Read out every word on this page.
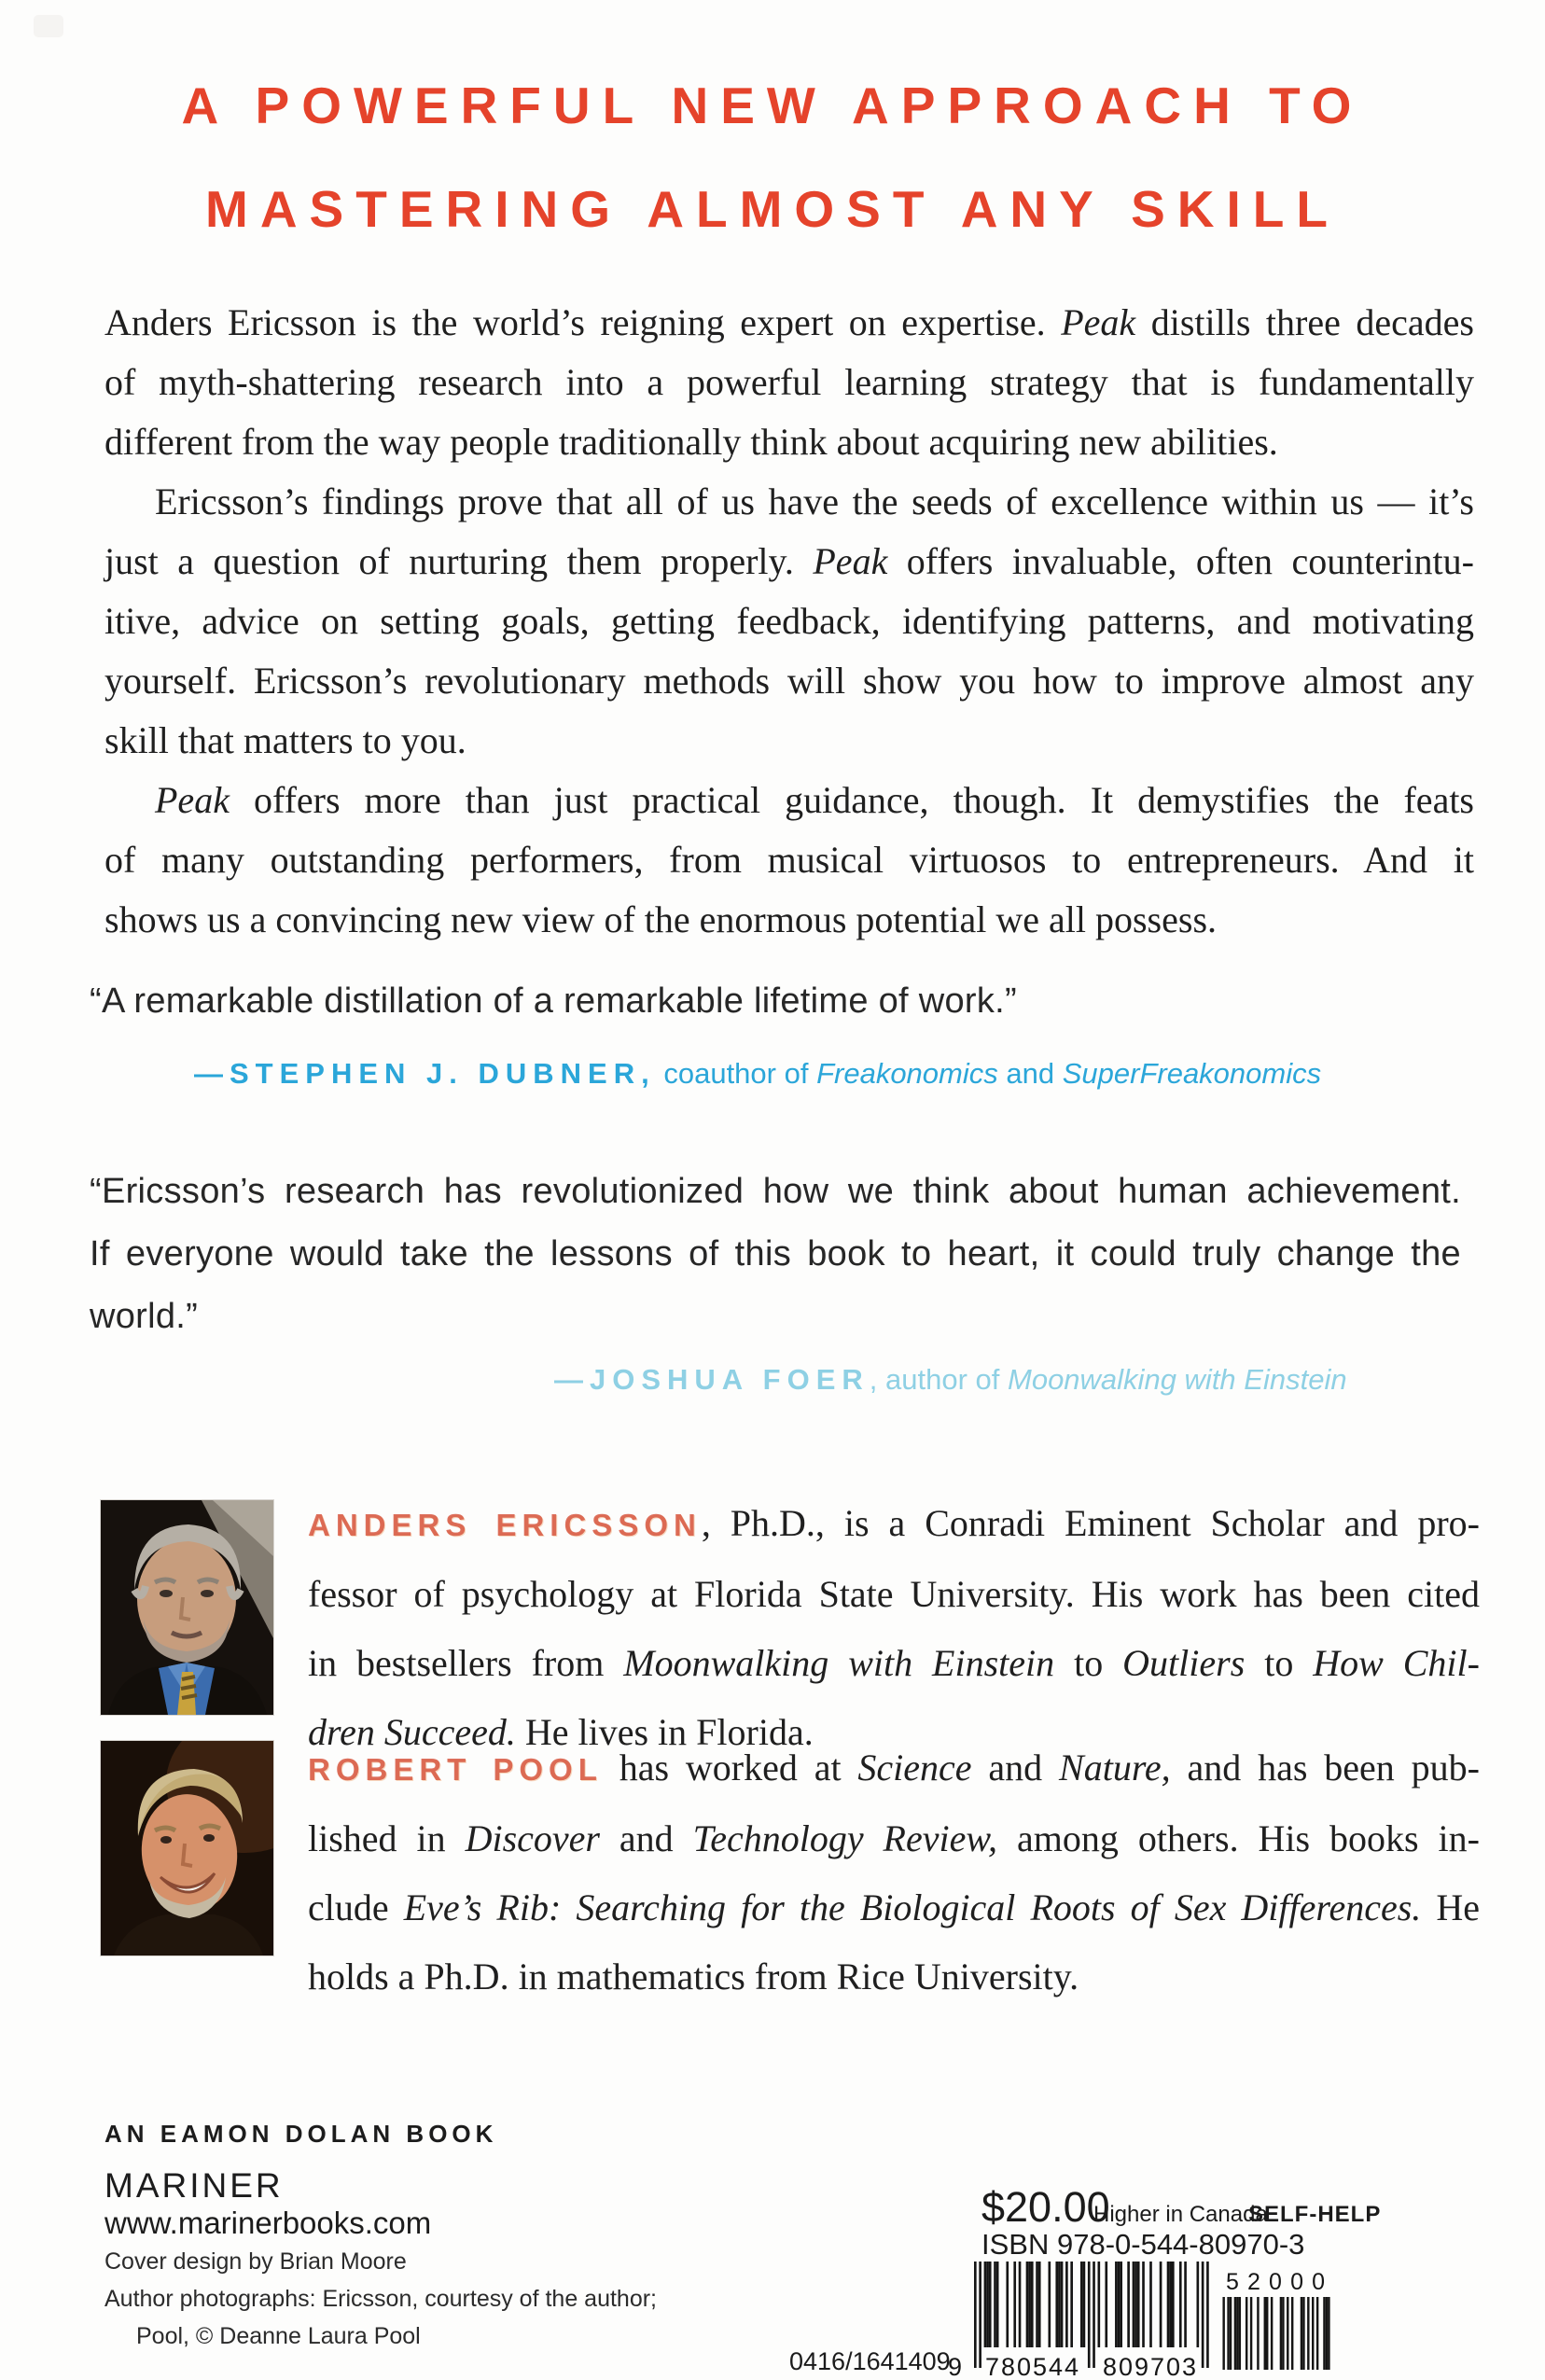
A POWERFUL NEW APPROACH TO
MASTERING ALMOST ANY SKILL
Anders Ericsson is the world’s reigning expert on expertise. Peak distills three decades
of myth-shattering research into a powerful learning strategy that is fundamentally
different from the way people traditionally think about acquiring new abilities.
Ericsson’s findings prove that all of us have the seeds of excellence within us — it’s
just a question of nurturing them properly. Peak offers invaluable, often counterintu-
itive, advice on setting goals, getting feedback, identifying patterns, and motivating
yourself. Ericsson’s revolutionary methods will show you how to improve almost any
skill that matters to you.
Peak offers more than just practical guidance, though. It demystifies the feats
of many outstanding performers, from musical virtuosos to entrepreneurs. And it
shows us a convincing new view of the enormous potential we all possess.
“A remarkable distillation of a remarkable lifetime of work.”
—STEPHEN J. DUBNER, coauthor of Freakonomics and SuperFreakonomics
“Ericsson’s research has revolutionized how we think about human achievement.
If everyone would take the lessons of this book to heart, it could truly change the
world.”
—JOSHUA FOER, author of Moonwalking with Einstein
ANDERS ERICSSON, Ph.D., is a Conradi Eminent Scholar and pro-
fessor of psychology at Florida State University. His work has been cited
in bestsellers from Moonwalking with Einstein to Outliers to How Chil-
dren Succeed. He lives in Florida.
ROBERT POOL has worked at Science and Nature, and has been pub-
lished in Discover and Technology Review, among others. His books in-
clude Eve’s Rib: Searching for the Biological Roots of Sex Differences. He
holds a Ph.D. in mathematics from Rice University.
AN EAMON DOLAN BOOK
MARINER
www.marinerbooks.com
Cover design by Brian Moore
Author photographs: Ericsson, courtesy of the author;
Pool, © Deanne Laura Pool
$20.00
Higher in Canada
SELF-HELP
ISBN 978-0-544-80970-3
0416/1641409
9 780544 809703
5 2 0 0 0
